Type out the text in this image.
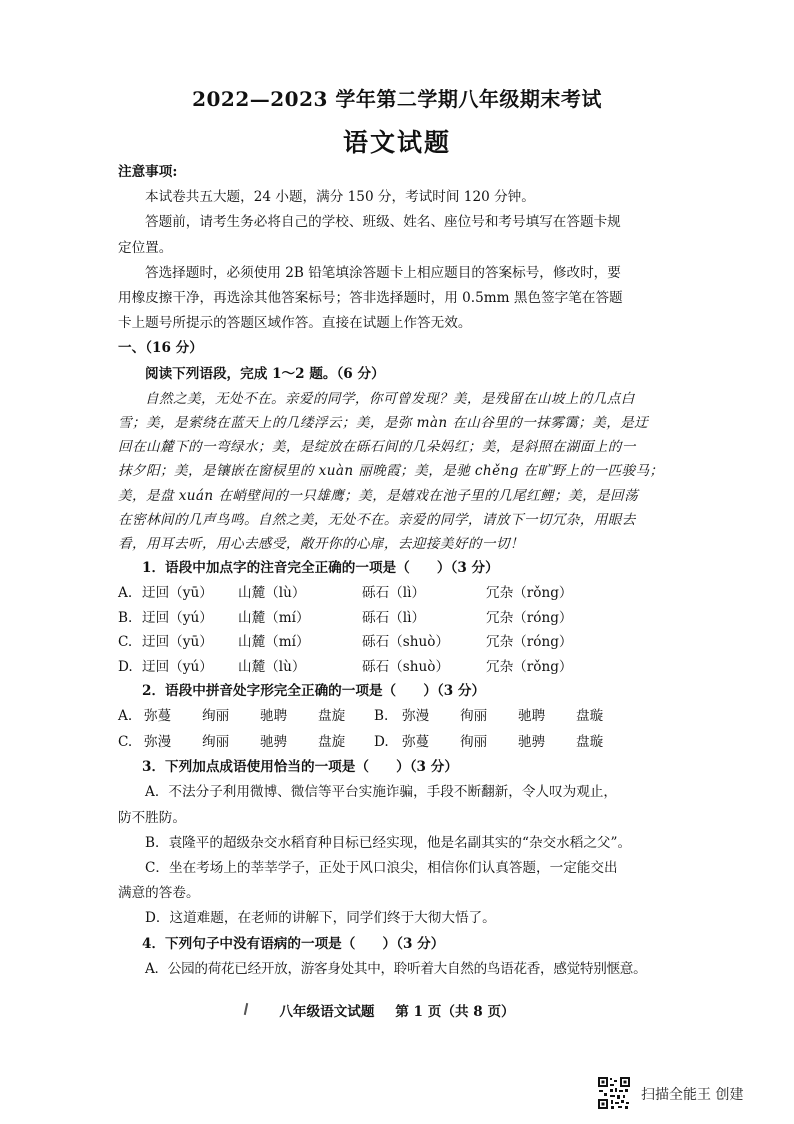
2022—2023 学年第二学期八年级期末考试
语文试题

注意事项:

本试卷共五大题，24 小题，满分 150 分，考试时间 120 分钟。

答题前，请考生务必将自己的学校、班级、姓名、座位号和考号填写在答题卡规

定位置。

答选择题时，必须使用 2B 铅笔填涂答题卡上相应题目的答案标号，修改时，要

用橡皮擦干净，再选涂其他答案标号；答非选择题时，用 0.5mm 黑色签字笔在答题

卡上题号所提示的答题区域作答。直接在试题上作答无效。

一、（16 分）

阅读下列语段，完成 1～2 题。（6 分）

自然之美，无处不在。亲爱的同学，你可曾发现？美，是残留在山坡上的几点白

雪；美，是萦绕在蓝天上的几缕浮云；美，是弥 màn 在山谷里的一抹雾霭；美，是迂

回在山麓下的一弯绿水；美，是绽放在砾石间的几朵妈红；美，是斜照在湖面上的一

抹夕阳；美，是镶嵌在窗棂里的 xuàn 丽晚霞；美，是驰 chěng 在旷野上的一匹骏马；

美，是盘 xuán 在峭壁间的一只雄鹰；美，是嬉戏在池子里的几尾红鲤；美，是回荡

在密林间的几声鸟鸣。自然之美，无处不在。亲爱的同学，请放下一切冗杂，用眼去

看，用耳去听，用心去感受，敞开你的心扉，去迎接美好的一切！

1．语段中加点字的注音完全正确的一项是（　　）（3 分）

A. 迂回（yū）	山麓（lù）	砾石（lì）	冗杂（rǒng）
B. 迂回（yú）	山麓（mí）	砾石（lì）	冗杂（róng）
C. 迂回（yū）	山麓（mí）	砾石（shuò）	冗杂（róng）
D. 迂回（yú）	山麓（lù）	砾石（shuò）	冗杂（rǒng）

2．语段中拼音处字形完全正确的一项是（　　）（3 分）

A. 弥蔓	绚丽	驰聘	盘旋	B.	弥漫	徇丽	驰聘	盘璇
C. 弥漫	绚丽	驰骋	盘旋	D. 弥蔓	徇丽	驰骋	盘璇

3．下列加点成语使用恰当的一项是（　　）（3 分）

A．不法分子利用微博、微信等平台实施诈骗，手段不断翻新，令人叹为观止，

防不胜防。

B．袁隆平的超级杂交水稻育种目标已经实现，他是名副其实的“杂交水稻之父”。

C．坐在考场上的莘莘学子，正处于风口浪尖，相信你们认真答题，一定能交出

满意的答卷。

D．这道难题，在老师的讲解下，同学们终于大彻大悟了。

4．下列句子中没有语病的一项是（　　）（3 分）

A．公园的荷花已经开放，游客身处其中，聆听着大自然的鸟语花香，感觉特别惬意。

八年级语文试题 第 1 页（共 8 页）
扫描全能王 创建
